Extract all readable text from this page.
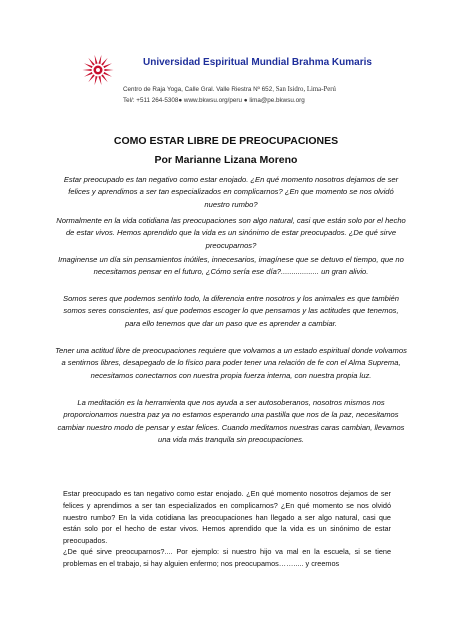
Universidad Espiritual Mundial Brahma Kumaris
Centro de Raja Yoga, Calle Gral. Valle Riestra Nº 652, San Isidro, Lima-Perú
Tel/: +511 264-5308● www.bkwsu.org/peru ● lima@pe.bkwsu.org
COMO ESTAR LIBRE DE PREOCUPACIONES
Por Marianne Lizana Moreno
Estar preocupado es tan negativo como estar enojado. ¿En qué momento nosotros dejamos de ser felices y aprendimos a ser tan especializados en complicarnos? ¿En que momento se nos olvidó nuestro rumbo?
Normalmente en la vida cotidiana las preocupaciones son algo natural, casi que están solo por el hecho de estar vivos. Hemos aprendido que la vida es un sinónimo de estar preocupados. ¿De qué sirve preocuparnos?
Imaginense un día sin pensamientos inútiles, innecesarios, imagínese que se detuvo el tiempo, que no necesitamos pensar en el futuro, ¿Cómo sería ese día?.................. un gran alivio.
Somos seres que podemos sentirlo todo, la diferencia entre nosotros y los animales es que también somos seres conscientes, así que podemos escoger lo que pensamos y las actitudes que tenemos, para ello tenemos que dar un paso que es aprender a cambiar.
Tener una actitud libre de preocupaciones requiere que volvamos a un estado espiritual donde volvamos a sentirnos libres, desapegado de lo físico para poder tener una relación de fe con el Alma Suprema, necesitamos conectarnos con nuestra propia fuerza interna, con nuestra propia luz.
La meditación es la herramienta que nos ayuda a ser autosoberanos, nosotros mismos nos proporcionamos nuestra paz ya no estamos esperando una pastilla que nos de la paz, necesitamos cambiar nuestro modo de pensar y estar felices. Cuando meditamos nuestras caras cambian, llevamos una vida más tranquila sin preocupaciones.
Estar preocupado es tan negativo como estar enojado. ¿En qué momento nosotros dejamos de ser felices y aprendimos a ser tan especializados en complicarnos? ¿En qué momento se nos olvidó nuestro rumbo? En la vida cotidiana las preocupaciones han llegado a ser algo natural, casi que están solo por el hecho de estar vivos. Hemos aprendido que la vida es un sinónimo de estar preocupados.
¿De qué sirve preocuparnos?.... Por ejemplo: si nuestro hijo va mal en la escuela, si se tiene problemas en el trabajo, si hay alguien enfermo; nos preocupamos……..... y creemos
